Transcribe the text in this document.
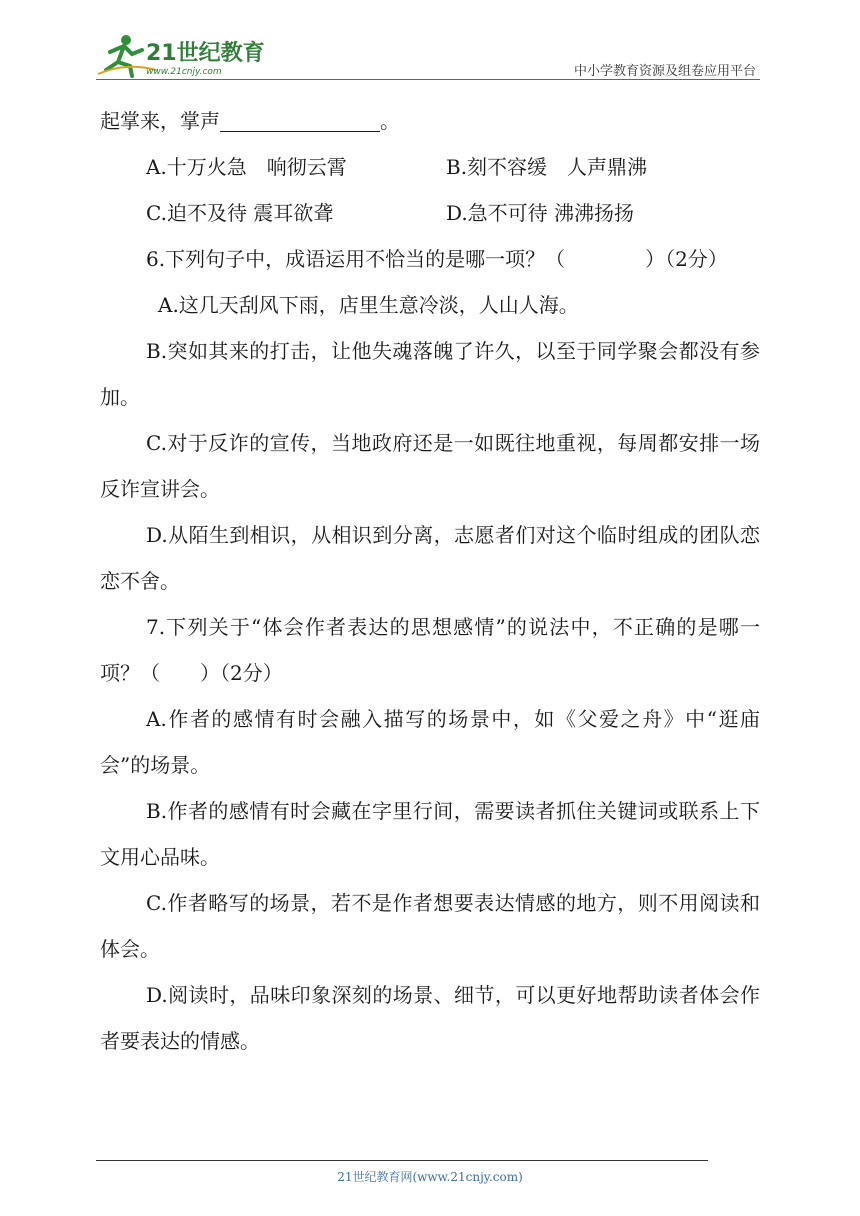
21世纪教育
www.21cnjy.com	中小学教育资源及组卷应用平台
起掌来，掌声	。
A.十万火急　响彻云霄	B.刻不容缓　人声鼎沸
C.迫不及待 震耳欲聋	D.急不可待 沸沸扬扬
6.下列句子中，成语运用不恰当的是哪一项？（　　　　）（2分）
A.这几天刮风下雨，店里生意冷淡，人山人海。
B.突如其来的打击，让他失魂落魄了许久，以至于同学聚会都没有参加。
C.对于反诈的宣传，当地政府还是一如既往地重视，每周都安排一场反诈宣讲会。
D.从陌生到相识，从相识到分离，志愿者们对这个临时组成的团队恋恋不舍。
7.下列关于“体会作者表达的思想感情”的说法中，不正确的是哪一项？（　　）（2分）
A.作者的感情有时会融入描写的场景中，如《父爱之舟》中“逛庙会”的场景。
B.作者的感情有时会藏在字里行间，需要读者抓住关键词或联系上下文用心品味。
C.作者略写的场景，若不是作者想要表达情感的地方，则不用阅读和体会。
D.阅读时，品味印象深刻的场景、细节，可以更好地帮助读者体会作者要表达的情感。
21世纪教育网(www.21cnjy.com)
